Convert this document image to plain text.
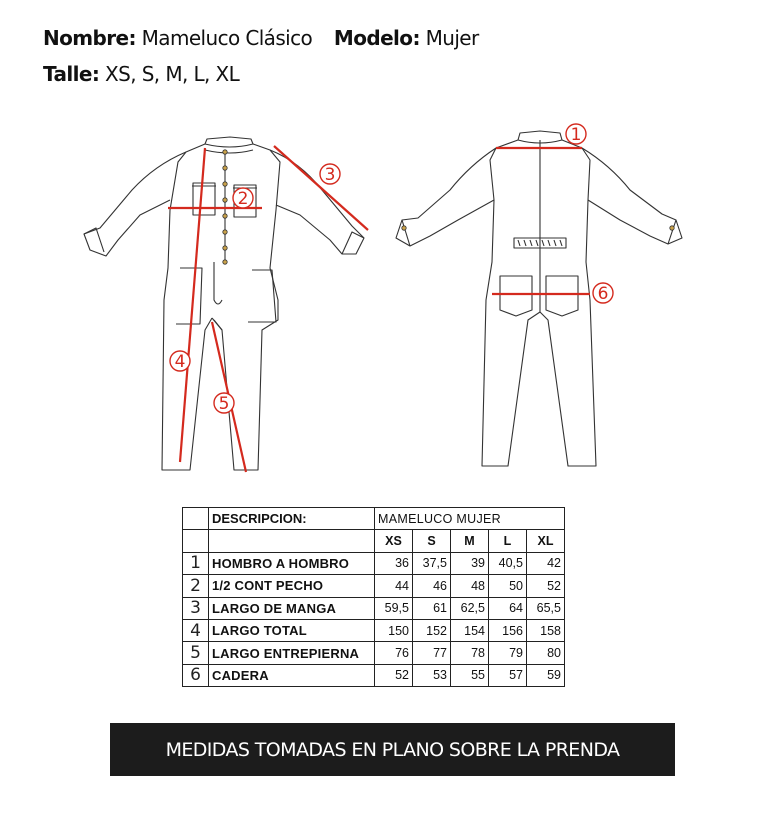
Nombre: Mameluco Clásico Modelo: Mujer
Talle: XS, S, M, L, XL
1
2
3
4
5
6
	DESCRIPCION:	MAMELUCO MUJER				
		XS	S	M	L	XL
1	HOMBRO A HOMBRO	36	37,5	39	40,5	42
2	1/2 CONT PECHO	44	46	48	50	52
3	LARGO DE MANGA	59,5	61	62,5	64	65,5
4	LARGO TOTAL	150	152	154	156	158
5	LARGO ENTREPIERNA	76	77	78	79	80
6	CADERA	52	53	55	57	59
MEDIDAS TOMADAS EN PLANO SOBRE LA PRENDA
